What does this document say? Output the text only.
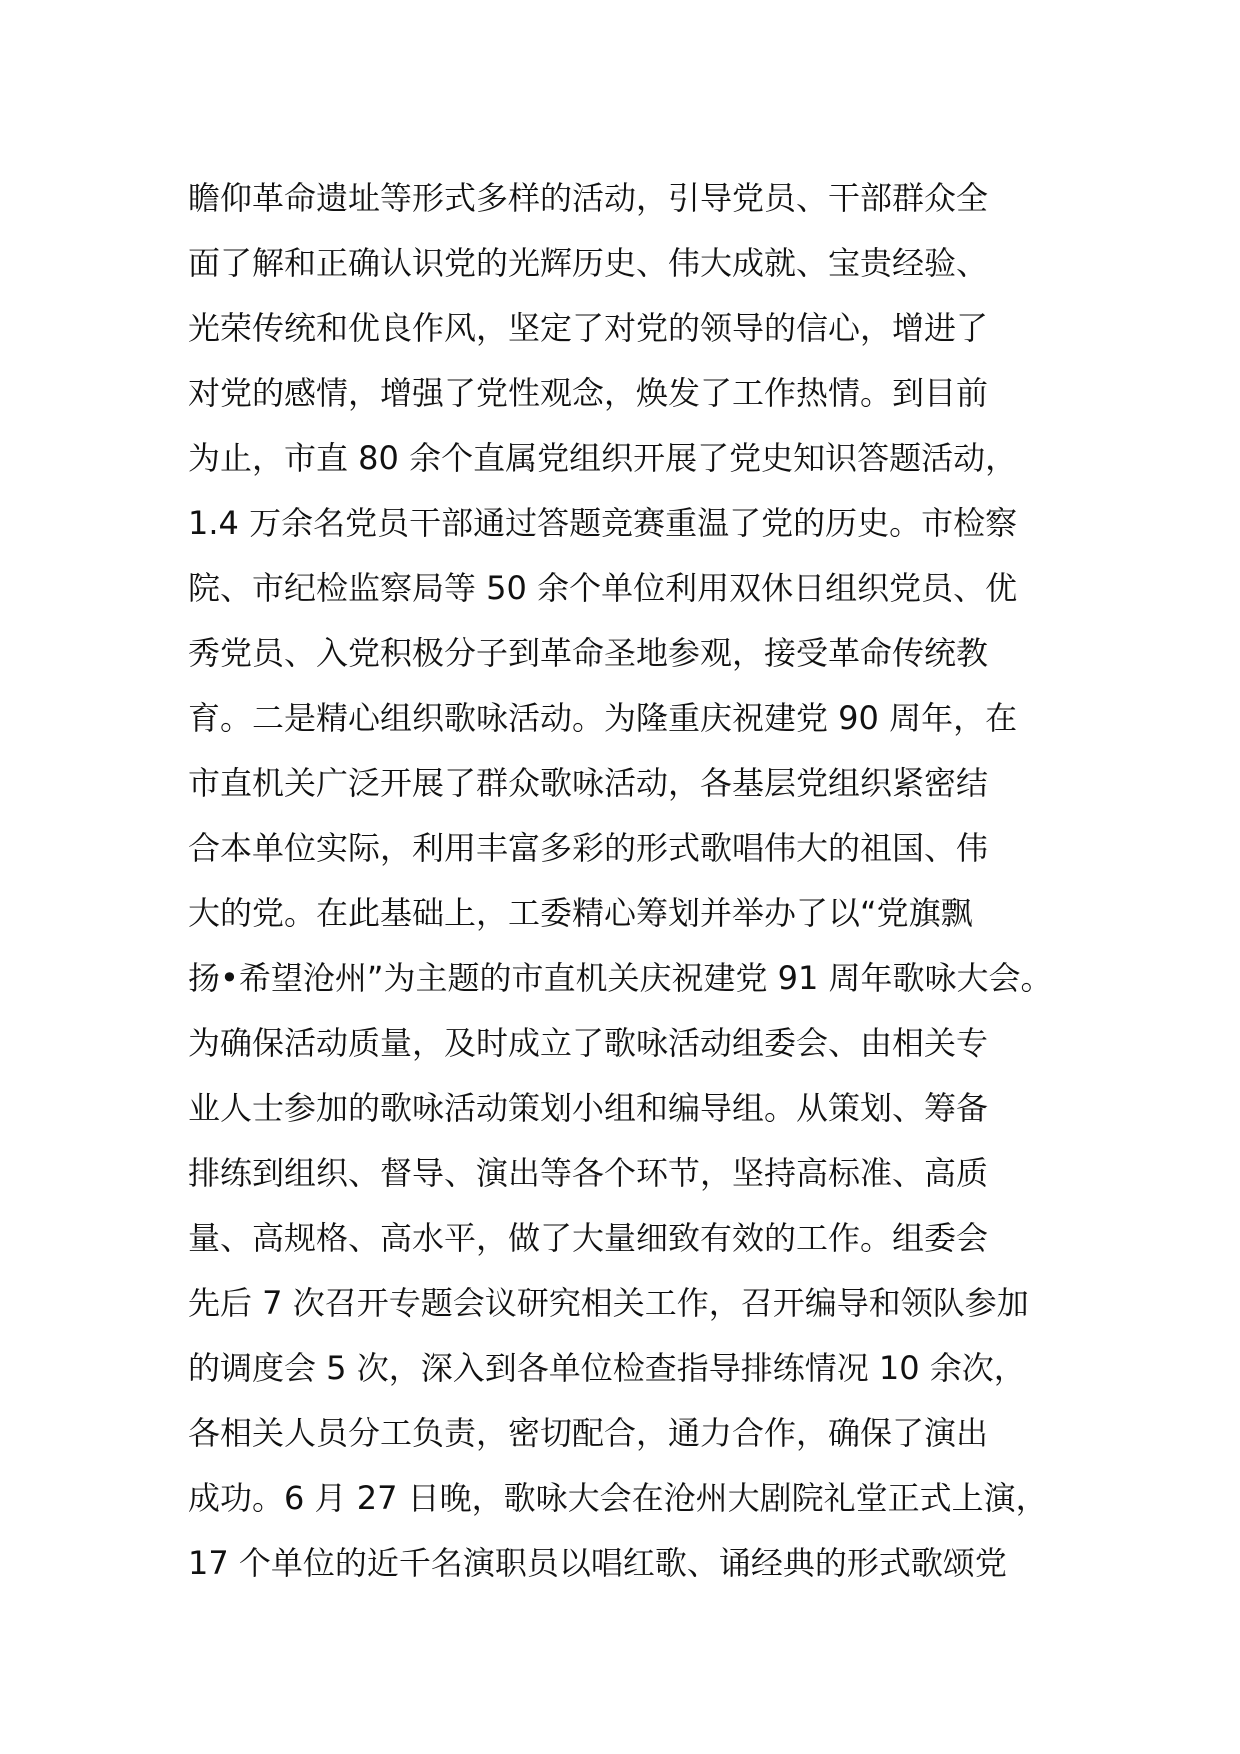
瞻仰革命遗址等形式多样的活动，引导党员、干部群众全
面了解和正确认识党的光辉历史、伟大成就、宝贵经验、
光荣传统和优良作风，坚定了对党的领导的信心，增进了
对党的感情，增强了党性观念，焕发了工作热情。到目前
为止，市直 80 余个直属党组织开展了党史知识答题活动，
1.4 万余名党员干部通过答题竞赛重温了党的历史。市检察
院、市纪检监察局等 50 余个单位利用双休日组织党员、优
秀党员、入党积极分子到革命圣地参观，接受革命传统教
育。二是精心组织歌咏活动。为隆重庆祝建党 90 周年，在
市直机关广泛开展了群众歌咏活动，各基层党组织紧密结
合本单位实际，利用丰富多彩的形式歌唱伟大的祖国、伟
大的党。在此基础上，工委精心筹划并举办了以“党旗飘
扬•希望沧州”为主题的市直机关庆祝建党 91 周年歌咏大会。
为确保活动质量，及时成立了歌咏活动组委会、由相关专
业人士参加的歌咏活动策划小组和编导组。从策划、筹备
排练到组织、督导、演出等各个环节，坚持高标准、高质
量、高规格、高水平，做了大量细致有效的工作。组委会
先后 7 次召开专题会议研究相关工作，召开编导和领队参加
的调度会 5 次，深入到各单位检查指导排练情况 10 余次，
各相关人员分工负责，密切配合，通力合作，确保了演出
成功。6 月 27 日晚，歌咏大会在沧州大剧院礼堂正式上演，
17 个单位的近千名演职员以唱红歌、诵经典的形式歌颂党
